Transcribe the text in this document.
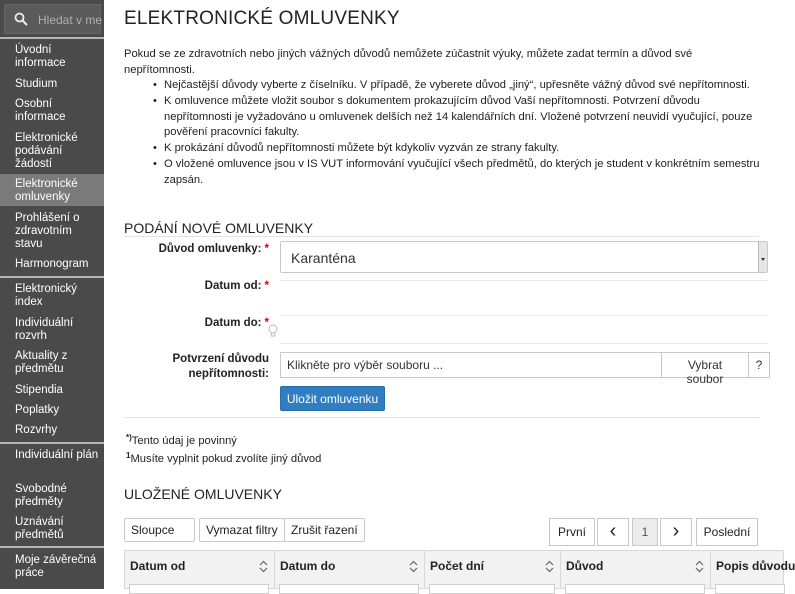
Hledat v menu
Úvodní informace
Studium
Osobní informace
Elektronické podávání žádostí
Elektronické omluvenky
Prohlášení o zdravotním stavu
Harmonogram
Elektronický index
Individuální rozvrh
Aktuality z předmětu
Stipendia
Poplatky
Rozvrhy
Individuální plán
Svobodné předměty
Uznávání předmětů
Moje závěrečná práce
ELEKTRONICKÉ OMLUVENKY

Pokud se ze zdravotních nebo jiných vážných důvodů nemůžete zúčastnit výuky, můžete zadat termín a důvod své nepřítomnosti.

• Nejčastější důvody vyberte z číselníku. V případě, že vyberete důvod „jiný“, upřesněte vážný důvod své nepřítomnosti.
• K omluvence můžete vložit soubor s dokumentem prokazujícím důvod Vaší nepřítomnosti. Potvrzení důvodu nepřítomnosti je vyžadováno u omluvenek delších než 14 kalendářních dní. Vložené potvrzení neuvidí vyučující, pouze pověření pracovníci fakulty.
• K prokázání důvodů nepřítomnosti můžete být kdykoliv vyzván ze strany fakulty.
• O vložené omluvence jsou v IS VUT informování vyučující všech předmětů, do kterých je student v konkrétním semestru zapsán.
PODÁNÍ NOVÉ OMLUVENKY
Důvod omluvenky: *
Karanténa
Datum od: *
Datum do: *
Potvrzení důvodu
nepřítomnosti:
Klikněte pro výběr souboru ...	Vybrat soubor
?
Uložit omluvenku
*)Tento údaj je povinný
$^1$Musíte vyplnit pokud zvolíte jiný důvod
ULOŽENÉ OMLUVENKY
Sloupce	Vymazat filtry	Zrušit řazení	První	‹	1	›	Poslední
Datum od	Datum do	Počet dní	Důvod	Popis důvodu
